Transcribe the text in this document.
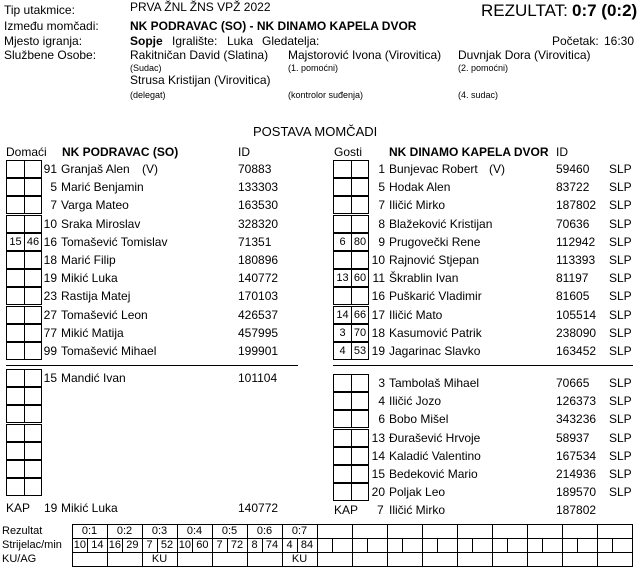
Tip utakmice:	PRVA ŽNL ŽNS VPŽ 2022	REZULTAT: 0:7 (0:2)
Između momčadi:	NK PODRAVAC (SO) - NK DINAMO KAPELA DVOR
Mjesto igranja:	Sopje Igralište: Luka Gledatelja:	Početak: 16:30
Službene Osobe:	Rakitničan David (Slatina)
(Sudac)
Majstorović Ivona (Virovitica)
(1. pomoćni)
Duvnjak Dora (Virovitica)
(2. pomoćni)
Strusa Kristijan (Virovitica)
(delegat)	(kontrolor suđenja)	(4. sudac)
POSTAVA MOMČADI
Domaći NK PODRAVAC (SO)	ID	Gosti NK DINAMO KAPELA DVOR ID
91 Granjaš Alen (V)	70883
5 Marić Benjamin	133303
7 Varga Mateo	163530
10 Sraka Miroslav	328320
15 46 16 Tomašević Tomislav	71351
18 Marić Filip	180896
19 Mikić Luka	140772
23 Rastija Matej	170103
27 Tomašević Leon	426537
77 Mikić Matija	457995
99 Tomašević Mihael	199901
15 Mandić Ivan	101104
1 Bunjevac Robert (V)	59460 SLP
5 Hodak Alen	83722 SLP
7 Iličić Mirko	187802 SLP
8 Blažeković Kristijan	70636 SLP
6 80	9 Prugovečki Rene	112942 SLP
10 Rajnović Stjepan	113393 SLP
13 60 11 Škrablin Ivan	81197 SLP
16 Puškarić Vladimir	81605 SLP
14 66 17 Iličić Mato	105514 SLP
3 70 18 Kasumović Patrik	238090 SLP
4 53 19 Jagarinac Slavko	163452 SLP
3 Tambolaš Mihael	70665 SLP
4 Iličić Jozo	126373 SLP
6 Bobo Mišel	343236 SLP
13 Đurašević Hrvoje	58937 SLP
14 Kaladić Valentino	167534 SLP
15 Bedeković Mario	214936 SLP
20 Poljak Leo	189570 SLP
KAP 19 Mikić Luka	140772	KAP 7 Iličić Mirko	187802
Rezultat	0:1		0:2		0:3		0:4		0:5		0:6		0:7																			
Strijelac/min	10	14	16	29	7	52	10	60	7	72	8	74	4	84																		
KU/AG					KU								KU																			
